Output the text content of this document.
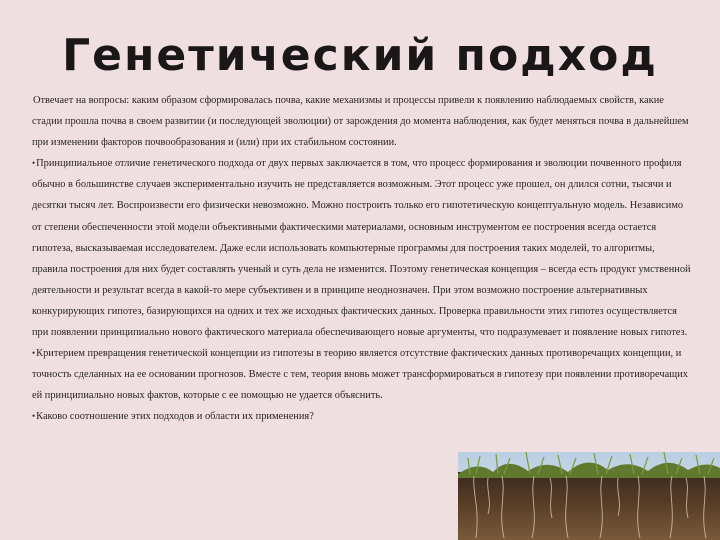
Генетический подход

Отвечает на вопросы: каким образом сформировалась почва, какие механизмы и процессы привели к появлению наблюдаемых свойств, какие стадии прошла почва в своем развитии (и последующей эволюции) от зарождения до момента наблюдения, как будет меняться почва в дальнейшем при изменении факторов почвообразования и (или) при их стабильном состоянии.

•Принципиальное отличие генетического подхода от двух первых заключается в том, что процесс формирования и эволюции почвенного профиля обычно в большинстве случаев экспериментально изучить не представляется возможным. Этот процесс уже прошел, он длился сотни, тысячи и десятки тысяч лет. Воспроизвести его физически невозможно. Можно построить только его гипотетическую концептуальную модель. Независимо от степени обеспеченности этой модели объективными фактическими материалами, основным инструментом ее построения всегда остается гипотеза, высказываемая исследователем. Даже если использовать компьютерные программы для построения таких моделей, то алгоритмы, правила построения для них будет составлять ученый и суть дела не изменится. Поэтому генетическая концепция – всегда есть продукт умственной деятельности и результат всегда в какой-то мере субъективен и в принципе неоднозначен. При этом возможно построение альтернативных конкурирующих гипотез, базирующихся на одних и тех же исходных фактических данных. Проверка правильности этих гипотез осуществляется при появлении принципиально нового фактического материала обеспечивающего новые аргументы, что подразумевает и появление новых гипотез.

•Критерием превращения генетической концепции из гипотезы в теорию является отсутствие фактических данных противоречащих концепции, и точность сделанных на ее основании прогнозов. Вместе с тем, теория вновь может трансформироваться в гипотезу при появлении противоречащих ей принципиально новых фактов, которые с ее помощью не удается объяснить.

•Каково соотношение этих подходов и области их применения?
